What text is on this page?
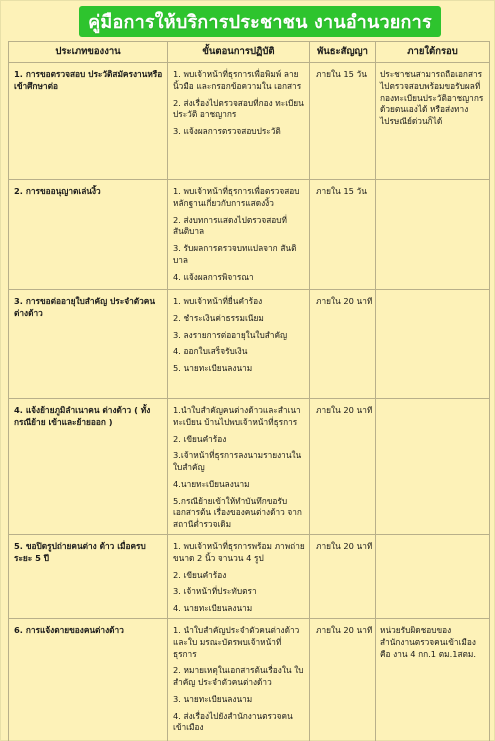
คู่มือการให้บริการประชาชน งานอำนวยการ
ประเภทของงาน	ขั้นตอนการปฏิบัติ	พันธะสัญญา	ภายใต้กรอบ
1. การขอตรวจสอบ ประวัติสมัครงานหรือ เข้าศึกษาต่อ	1. พบเจ้าหน้าที่ธุรการเพื่อพิมพ์ ลายนิ้วมือ และกรอกข้อความใน เอกสาร
2. ส่งเรื่องไปตรวจสอบที่กอง ทะเบียนประวัติ อาชญากร
3. แจ้งผลการตรวจสอบประวัติ	ภายใน 15 วัน	ประชาชนสามารถถือเอกสาร ไปตรวจสอบพร้อมขอรับผลที่ กองทะเบียนประวัติอาชญากร ด้วยตนเองได้ หรือส่งทาง ไปรษณีย์ด่วนก็ได้
2. การขออนุญาตเล่นงิ้ว	1. พบเจ้าหน้าที่ธุรการเพื่อตรวจสอบ หลักฐานเกี่ยวกับการแสดงงิ้ว
2. ส่งบทการแสดงไปตรวจสอบที่ สันติบาล
3. รับผลการตรวจบทแปลจาก สันติบาล
4. แจ้งผลการพิจารณา	ภายใน 15 วัน	
3. การขอต่ออายุใบสำคัญ ประจำตัวคน ต่างด้าว	1. พบเจ้าหน้าที่ยื่นคำร้อง
2. ชำระเงินค่าธรรมเนียม
3. ลงรายการต่ออายุในใบสำคัญ
4. ออกใบเสร็จรับเงิน
5. นายทะเบียนลงนาม	ภายใน 20 นาที	
4. แจ้งย้ายภูมิลำเนาคน ต่างด้าว ( ทั้งกรณีย้าย เข้าและย้ายออก )	1.นำใบสำคัญคนต่างด้าวและสำเนา ทะเบียน บ้านไปพบเจ้าหน้าที่ธุรการ
2. เขียนคำร้อง
3.เจ้าหน้าที่ธุรการลงนามรายงานใน ใบสำคัญ
4.นายทะเบียนลงนาม
5.กรณีย้ายเข้าให้ทำบันทึกขอรับ เอกสารต้น เรื่องของคนต่างด้าว จากสถานีต่ำรวจเดิม	ภายใน 20 นาที	
5. ขอปิดรูปถ่ายคนต่าง ด้าว เมื่อครบ ระยะ 5 ปี	1. พบเจ้าหน้าที่ธุรการพร้อม ภาพถ่ายขนาด 2 นิ้ว จานวน 4 รูป
2. เขียนคำร้อง
3. เจ้าหน้าที่ประทับตรา
4. นายทะเบียนลงนาม	ภายใน 20 นาที	
6. การแจ้งตายของคนต่างด้าว	1. นำใบสำคัญประจำตัวคนต่างด้าว และใบ มรณะบัตรพบเจ้าหน้าที่ ธุรการ
2. หมายเหตุในเอกสารต้นเรื่องใน ใบสำคัญ ประจำตัวคนต่างด้าว
3. นายทะเบียนลงนาม
4. ส่งเรื่องไปยังสำนักงานตรวจคน เข้าเมือง	ภายใน 20 นาที	หน่วยรับผิดชอบของ สำนักงานตรวจคนเข้าเมือง คือ งาน 4 กก.1 ตม.1สตม.
